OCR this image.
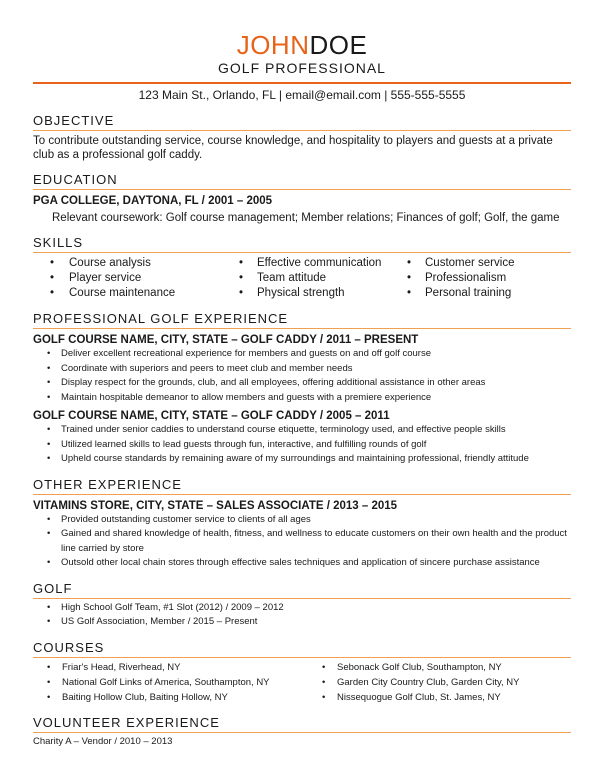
JOHNDOE
GOLF PROFESSIONAL
123 Main St., Orlando, FL | email@email.com | 555-555-5555
OBJECTIVE
To contribute outstanding service, course knowledge, and hospitality to players and guests at a private club as a professional golf caddy.
EDUCATION
PGA COLLEGE, DAYTONA, FL / 2001 – 2005
Relevant coursework: Golf course management; Member relations; Finances of golf; Golf, the game
SKILLS
• Course analysis
• Player service
• Course maintenance
• Effective communication
• Team attitude
• Physical strength
• Customer service
• Professionalism
• Personal training
PROFESSIONAL GOLF EXPERIENCE
GOLF COURSE NAME, CITY, STATE – GOLF CADDY / 2011 – PRESENT
• Deliver excellent recreational experience for members and guests on and off golf course
• Coordinate with superiors and peers to meet club and member needs
• Display respect for the grounds, club, and all employees, offering additional assistance in other areas
• Maintain hospitable demeanor to allow members and guests with a premiere experience
GOLF COURSE NAME, CITY, STATE – GOLF CADDY / 2005 – 2011
• Trained under senior caddies to understand course etiquette, terminology used, and effective people skills
• Utilized learned skills to lead guests through fun, interactive, and fulfilling rounds of golf
• Upheld course standards by remaining aware of my surroundings and maintaining professional, friendly attitude
OTHER EXPERIENCE
VITAMINS STORE, CITY, STATE – SALES ASSOCIATE / 2013 – 2015
• Provided outstanding customer service to clients of all ages
• Gained and shared knowledge of health, fitness, and wellness to educate customers on their own health and the product line carried by store
• Outsold other local chain stores through effective sales techniques and application of sincere purchase assistance
GOLF
• High School Golf Team, #1 Slot (2012) / 2009 – 2012
• US Golf Association, Member / 2015 – Present
COURSES
• Friar's Head, Riverhead, NY
• National Golf Links of America, Southampton, NY
• Baiting Hollow Club, Baiting Hollow, NY
• Sebonack Golf Club, Southampton, NY
• Garden City Country Club, Garden City, NY
• Nissequogue Golf Club, St. James, NY
VOLUNTEER EXPERIENCE
Charity A – Vendor / 2010 – 2013
